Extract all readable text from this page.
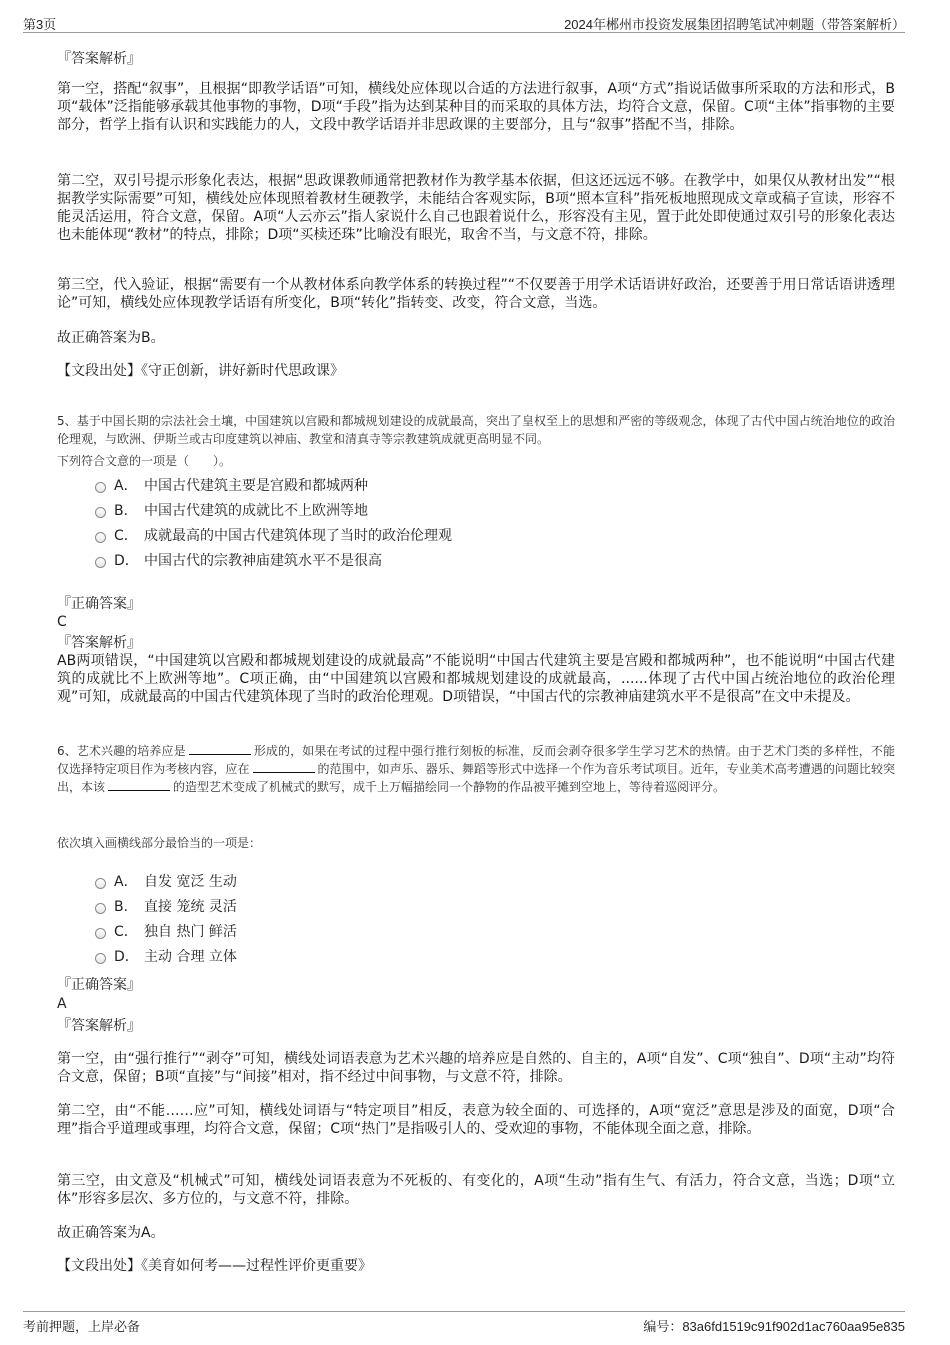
第3页	2024年郴州市投资发展集团招聘笔试冲刺题（带答案解析）
『答案解析』
第一空，搭配“叙事”，且根据“即教学话语”可知，横线处应体现以合适的方法进行叙事，A项“方式”指说话做事所采取的方法和形式，B项“载体”泛指能够承载其他事物的事物，D项“手段”指为达到某种目的而采取的具体方法，均符合文意，保留。C项“主体”指事物的主要部分，哲学上指有认识和实践能力的人，文段中教学话语并非思政课的主要部分，且与“叙事”搭配不当，排除。
第二空，双引号提示形象化表达，根据“思政课教师通常把教材作为教学基本依据，但这还远远不够。在教学中，如果仅从教材出发”“根据教学实际需要”可知，横线处应体现照着教材生硬教学，未能结合客观实际，B项“照本宣科”指死板地照现成文章或稿子宣读，形容不能灵活运用，符合文意，保留。A项“人云亦云”指人家说什么自己也跟着说什么，形容没有主见，置于此处即使通过双引号的形象化表达也未能体现“教材”的特点，排除；D项“买椟还珠”比喻没有眼光，取舍不当，与文意不符，排除。
第三空，代入验证，根据“需要有一个从教材体系向教学体系的转换过程”“不仅要善于用学术话语讲好政治，还要善于用日常话语讲透理论”可知，横线处应体现教学话语有所变化，B项“转化”指转变、改变，符合文意，当选。
故正确答案为B。
【文段出处】《守正创新，讲好新时代思政课》
5、基于中国长期的宗法社会土壤，中国建筑以宫殿和都城规划建设的成就最高，突出了皇权至上的思想和严密的等级观念，体现了古代中国占统治地位的政治伦理观，与欧洲、伊斯兰或古印度建筑以神庙、教堂和清真寺等宗教建筑成就更高明显不同。
下列符合文意的一项是（　　）。
A． 中国古代建筑主要是宫殿和都城两种
B． 中国古代建筑的成就比不上欧洲等地
C． 成就最高的中国古代建筑体现了当时的政治伦理观
D． 中国古代的宗教神庙建筑水平不是很高
『正确答案』
C
『答案解析』
AB两项错误，“中国建筑以宫殿和都城规划建设的成就最高”不能说明“中国古代建筑主要是宫殿和都城两种”，也不能说明“中国古代建筑的成就比不上欧洲等地”。C项正确，由“中国建筑以宫殿和都城规划建设的成就最高，......体现了古代中国占统治地位的政治伦理观”可知，成就最高的中国古代建筑体现了当时的政治伦理观。D项错误，“中国古代的宗教神庙建筑水平不是很高”在文中未提及。
6、艺术兴趣的培养应是	形成的，如果在考试的过程中强行推行刻板的标准，反而会剥夺很多学生学习艺术的热情。由于艺术门类的多样性，不能仅选择特定项目作为考核内容，应在	的范围中，如声乐、器乐、舞蹈等形式中选择一个作为音乐考试项目。近年，专业美术高考遭遇的问题比较突出，本该	的造型艺术变成了机械式的默写，成千上万幅描绘同一个静物的作品被平摊到空地上，等待着巡阅评分。
依次填入画横线部分最恰当的一项是：
A． 自发 宽泛 生动
B． 直接 笼统 灵活
C． 独自 热门 鲜活
D． 主动 合理 立体
『正确答案』
A
『答案解析』
第一空，由“强行推行”“剥夺”可知，横线处词语表意为艺术兴趣的培养应是自然的、自主的，A项“自发”、C项“独自”、D项“主动”均符合文意，保留；B项“直接”与“间接”相对，指不经过中间事物，与文意不符，排除。
第二空，由“不能……应”可知，横线处词语与“特定项目”相反，表意为较全面的、可选择的，A项“宽泛”意思是涉及的面宽，D项“合理”指合乎道理或事理，均符合文意，保留；C项“热门”是指吸引人的、受欢迎的事物，不能体现全面之意，排除。
第三空，由文意及“机械式”可知，横线处词语表意为不死板的、有变化的，A项“生动”指有生气、有活力，符合文意，当选；D项“立体”形容多层次、多方位的，与文意不符，排除。
故正确答案为A。
【文段出处】《美育如何考——过程性评价更重要》
考前押题，上岸必备	编号：83a6fd1519c91f902d1ac760aa95e835
